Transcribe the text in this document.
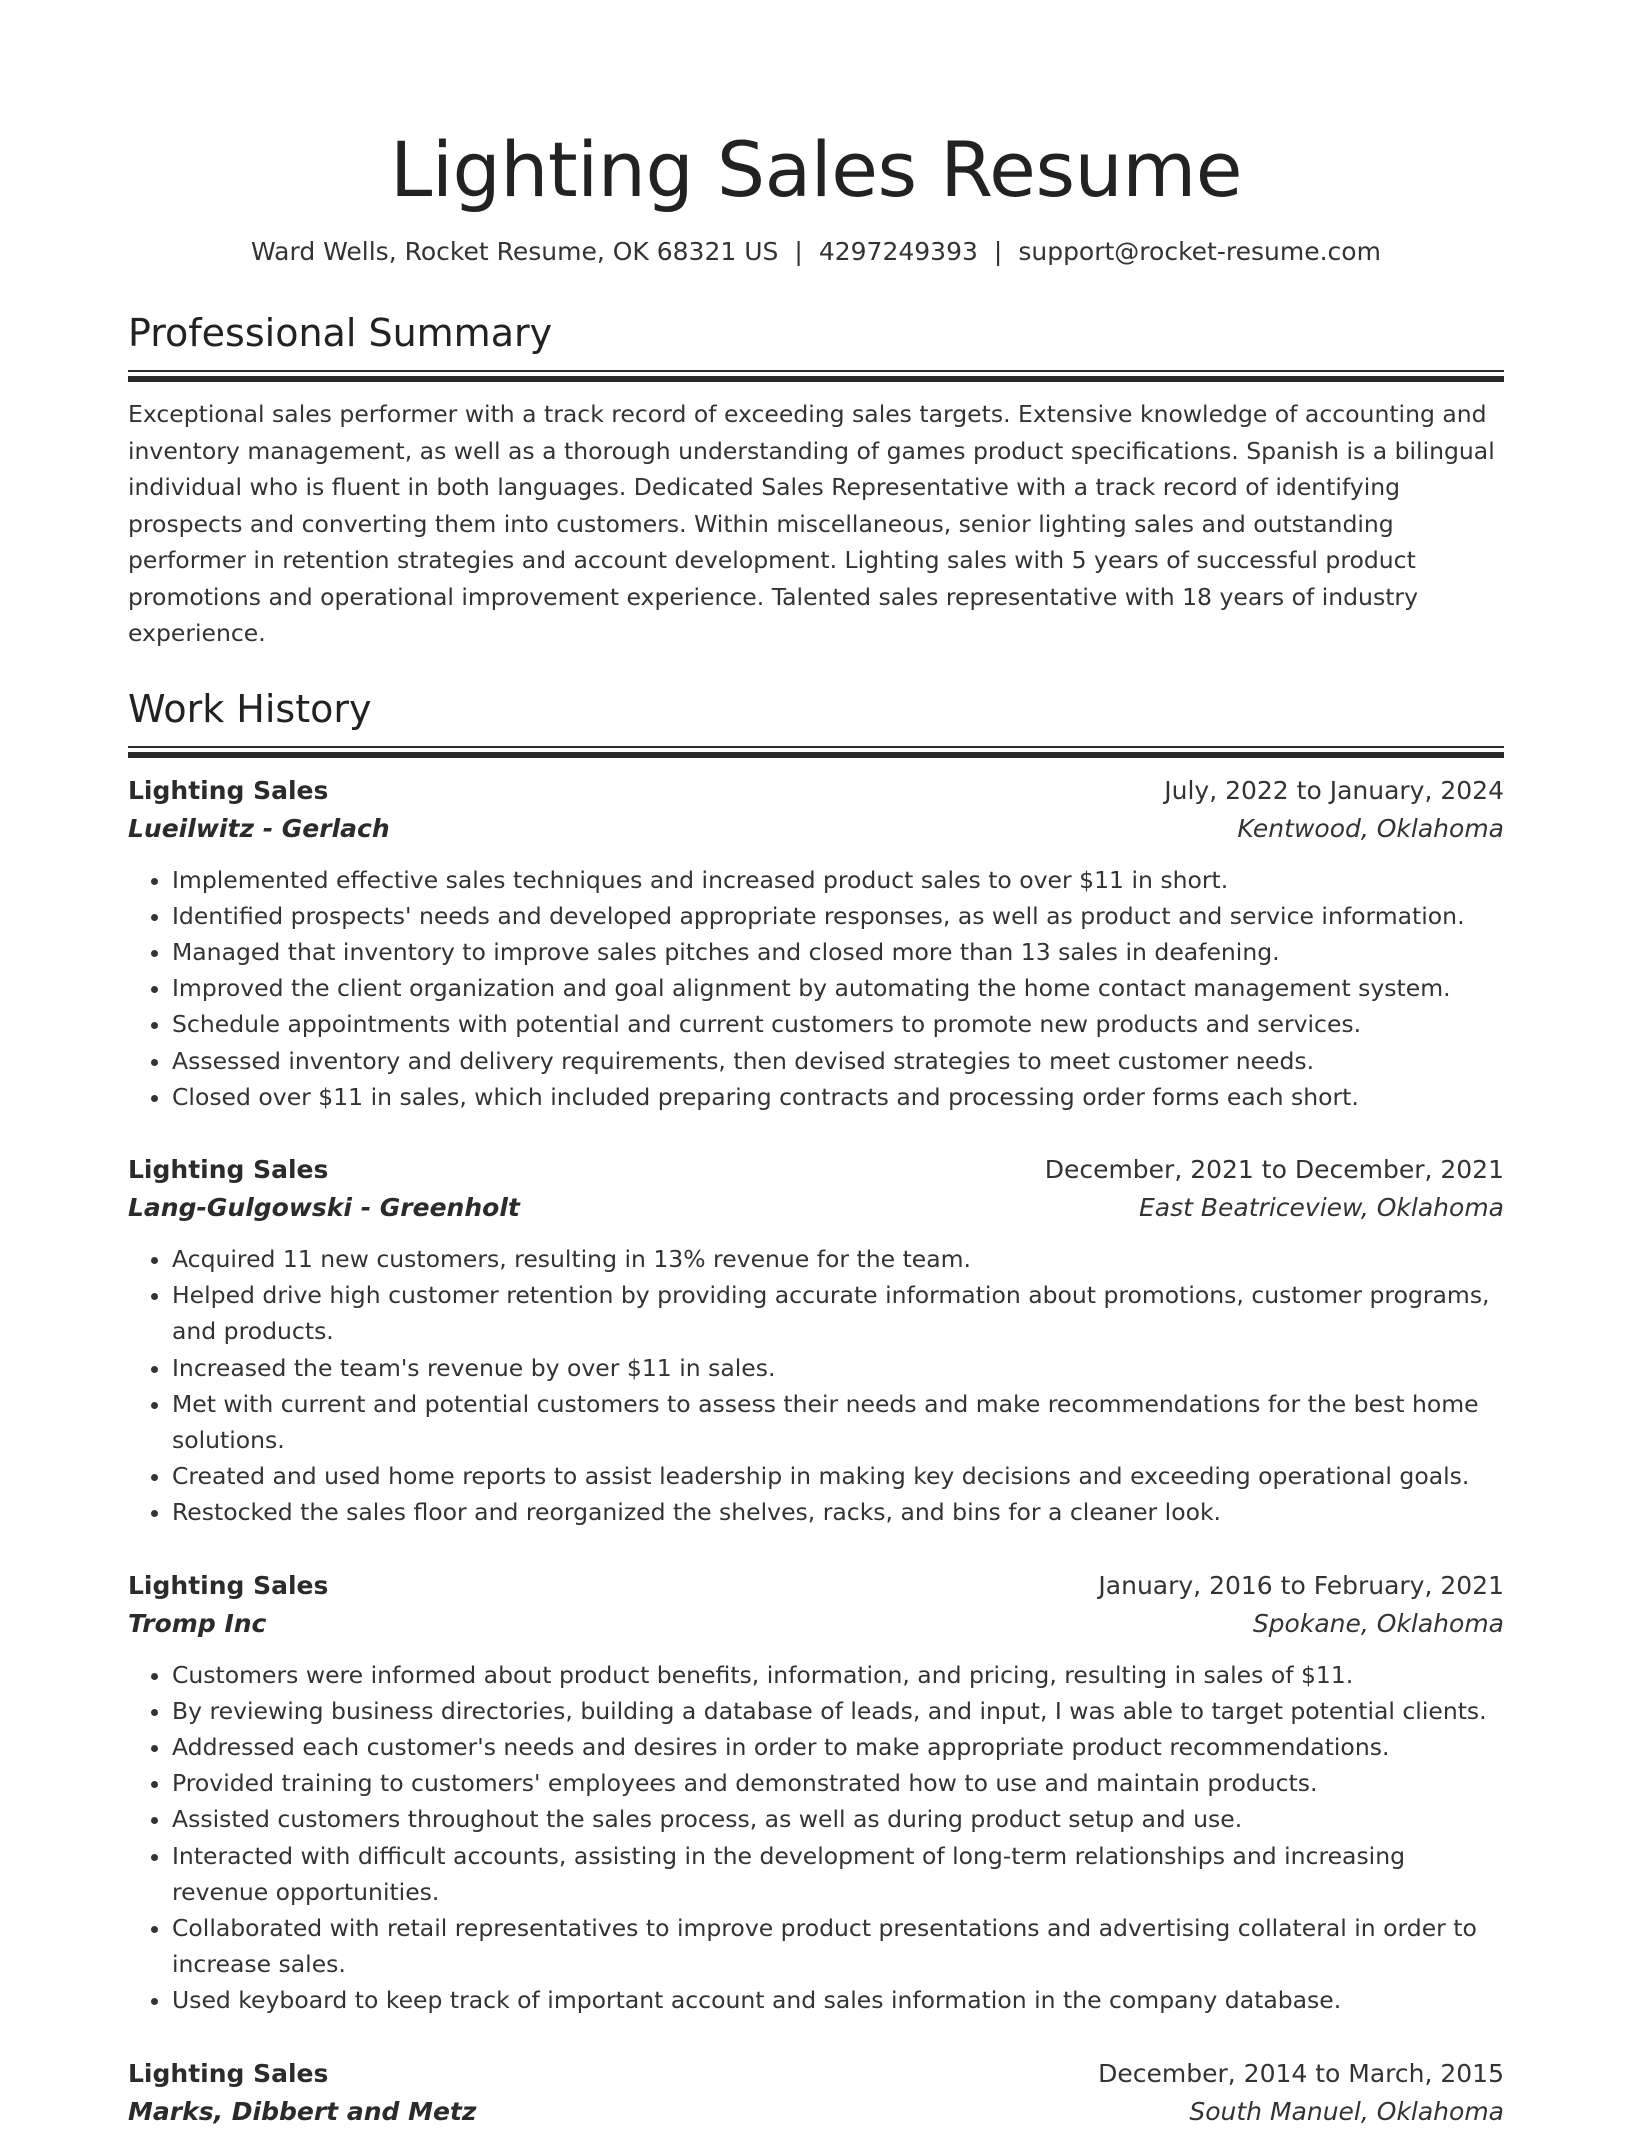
Lighting Sales Resume
Ward Wells, Rocket Resume, OK 68321 US | 4297249393 | support@rocket-resume.com
Professional Summary

Exceptional sales performer with a track record of exceeding sales targets. Extensive knowledge of accounting and inventory management, as well as a thorough understanding of games product specifications. Spanish is a bilingual individual who is fluent in both languages. Dedicated Sales Representative with a track record of identifying prospects and converting them into customers. Within miscellaneous, senior lighting sales and outstanding performer in retention strategies and account development. Lighting sales with 5 years of successful product promotions and operational improvement experience. Talented sales representative with 18 years of industry experience.

Work History
Lighting Sales	July, 2022 to January, 2024
Lueilwitz - Gerlach	Kentwood, Oklahoma
• Implemented effective sales techniques and increased product sales to over $11 in short.
• Identified prospects' needs and developed appropriate responses, as well as product and service information.
• Managed that inventory to improve sales pitches and closed more than 13 sales in deafening.
• Improved the client organization and goal alignment by automating the home contact management system.
• Schedule appointments with potential and current customers to promote new products and services.
• Assessed inventory and delivery requirements, then devised strategies to meet customer needs.
• Closed over $11 in sales, which included preparing contracts and processing order forms each short.
Lighting Sales	December, 2021 to December, 2021
Lang-Gulgowski - Greenholt	East Beatriceview, Oklahoma
• Acquired 11 new customers, resulting in 13% revenue for the team.
• Helped drive high customer retention by providing accurate information about promotions, customer programs, and products.
• Increased the team's revenue by over $11 in sales.
• Met with current and potential customers to assess their needs and make recommendations for the best home solutions.
• Created and used home reports to assist leadership in making key decisions and exceeding operational goals.
• Restocked the sales floor and reorganized the shelves, racks, and bins for a cleaner look.
Lighting Sales	January, 2016 to February, 2021
Tromp Inc	Spokane, Oklahoma
• Customers were informed about product benefits, information, and pricing, resulting in sales of $11.
• By reviewing business directories, building a database of leads, and input, I was able to target potential clients.
• Addressed each customer's needs and desires in order to make appropriate product recommendations.
• Provided training to customers' employees and demonstrated how to use and maintain products.
• Assisted customers throughout the sales process, as well as during product setup and use.
• Interacted with difficult accounts, assisting in the development of long-term relationships and increasing revenue opportunities.
• Collaborated with retail representatives to improve product presentations and advertising collateral in order to increase sales.
• Used keyboard to keep track of important account and sales information in the company database.
Lighting Sales	December, 2014 to March, 2015
Marks, Dibbert and Metz	South Manuel, Oklahoma
